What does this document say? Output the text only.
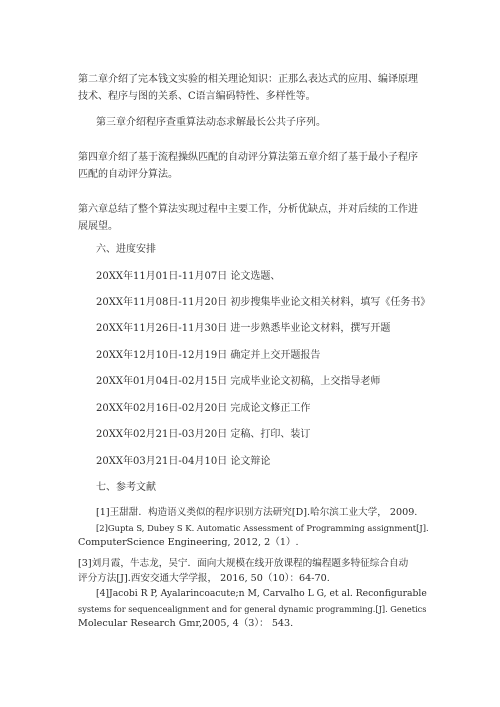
第二章介绍了完本钱文实验的相关理论知识：正那么表达式的应用、编译原理
技术、程序与图的关系、C语言编码特性、多样性等。
第三章介绍程序查重算法动态求解最长公共子序列。
第四章介绍了基于流程操纵匹配的自动评分算法第五章介绍了基于最小子程序
匹配的自动评分算法。
第六章总结了整个算法实现过程中主要工作，分析优缺点，并对后续的工作进
展展望。
六、进度安排
20XX年11月01日-11月07日 论文选题、
20XX年11月08日-11月20日 初步搜集毕业论文相关材料，填写《任务书》
20XX年11月26日-11月30日 进一步熟悉毕业论文材料，撰写开题
20XX年12月10日-12月19日 确定并上交开题报告
20XX年01月04日-02月15日 完成毕业论文初稿，上交指导老师
20XX年02月16日-02月20日 完成论文修正工作
20XX年02月21日-03月20日 定稿、打印、装订
20XX年03月21日-04月10日 论文辩论
七、参考文献
[1]王甜甜．构造语义类似的程序识别方法研究[D].哈尔滨工业大学， 2009.
[2]Gupta S, Dubey S K. Automatic Assessment of Programming assignment[J].
ComputerScience Engineering, 2012, 2（1）.
[3]刘月霞，牛志龙，吴宁．面向大规模在线开放课程的编程题多特征综合自动
评分方法[J].西安交通大学学报， 2016, 50（10）：64-70.
[4]Jacobi R P, Ayalarincoacute;n M, Carvalho L G, et al. Reconfigurable
systems for sequencealignment and for general dynamic programming.[J]. Genetics
Molecular Research Gmr,2005, 4（3）： 543.
